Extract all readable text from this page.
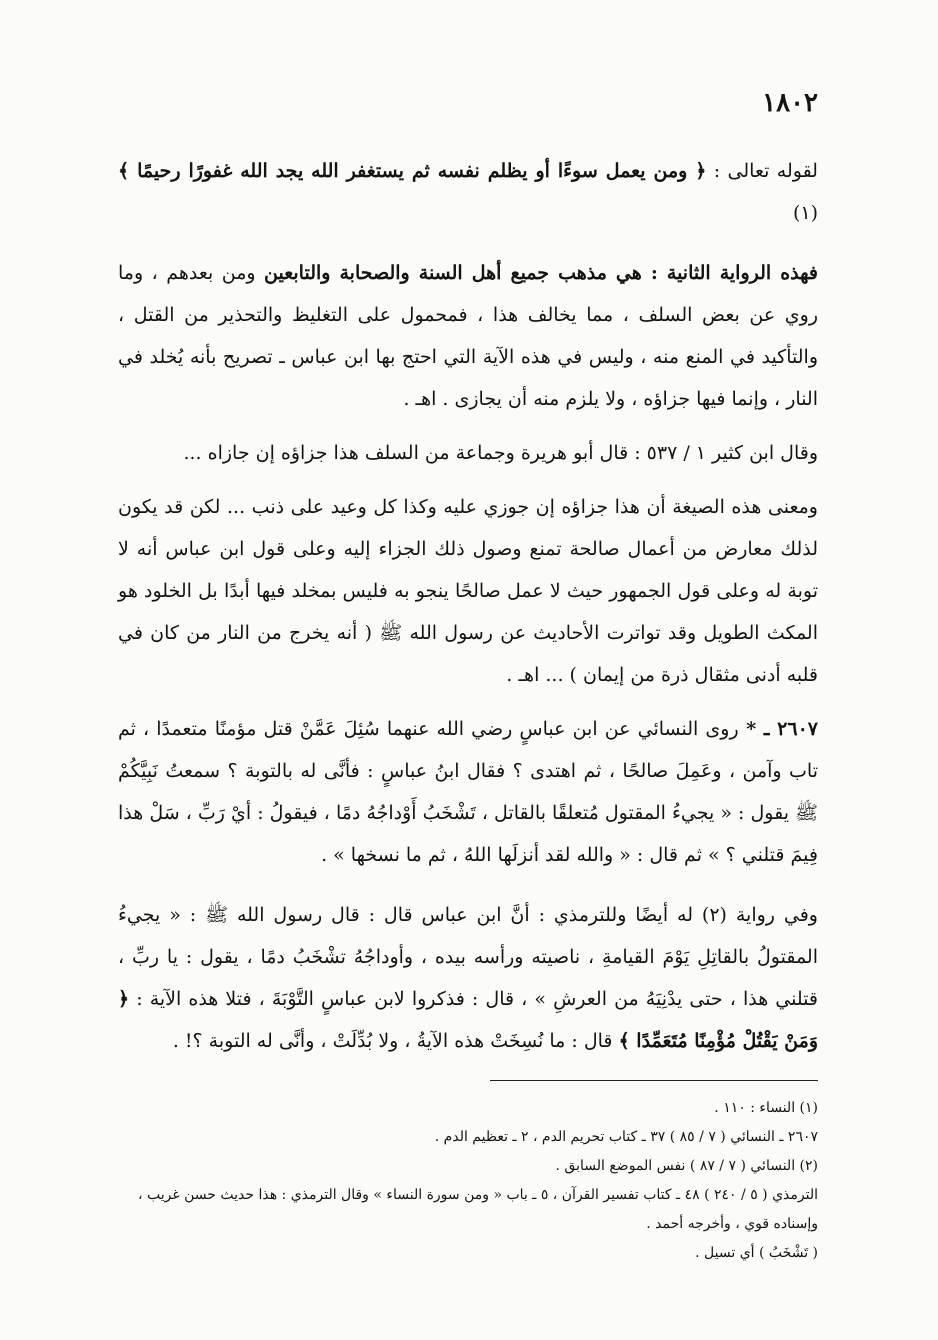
١٨٠٢

لقوله تعالى : ﴿ ومن يعمل سوءًا أو يظلم نفسه ثم يستغفر الله يجد الله غفورًا رحيمًا ﴾ (١)

فهذه الرواية الثانية : هي مذهب جميع أهل السنة والصحابة والتابعين ومن بعدهم ، وما روي عن بعض السلف ، مما يخالف هذا ، فمحمول على التغليظ والتحذير من القتل ، والتأكيد في المنع منه ، وليس في هذه الآية التي احتج بها ابن عباس ـ تصريح بأنه يُخلد في النار ، وإنما فيها جزاؤه ، ولا يلزم منه أن يجازى . اهـ .

وقال ابن كثير ١ / ٥٣٧ : قال أبو هريرة وجماعة من السلف هذا جزاؤه إن جازاه ...

ومعنى هذه الصيغة أن هذا جزاؤه إن جوزي عليه وكذا كل وعيد على ذنب ... لكن قد يكون لذلك معارض من أعمال صالحة تمنع وصول ذلك الجزاء إليه وعلى قول ابن عباس أنه لا توبة له وعلى قول الجمهور حيث لا عمل صالحًا ينجو به فليس بمخلد فيها أبدًا بل الخلود هو المكث الطويل وقد تواترت الأحاديث عن رسول الله ﷺ ( أنه يخرج من النار من كان في قلبه أدنى مثقال ذرة من إيمان ) ... اهـ .

٢٦٠٧ ـ * روى النسائي عن ابن عباسٍ رضي الله عنهما سُئِلَ عَمَّنْ قتل مؤمنًا متعمدًا ، ثم تاب وآمن ، وعَمِلَ صالحًا ، ثم اهتدى ؟ فقال ابنُ عباسٍ : فأنَّى له بالتوبة ؟ سمعتُ نَبِيَّكُمْ ﷺ يقول : « يجيءُ المقتول مُتعلقًا بالقاتل ، تَشْخَبُ أَوْداجُهُ دمًا ، فيقولُ : أيْ رَبِّ ، سَلْ هذا فِيمَ قتلني ؟ » ثم قال : « والله لقد أنزلَها اللهُ ، ثم ما نسخها » .

وفي رواية (٢) له أيضًا وللترمذي : أنَّ ابن عباس قال : قال رسول الله ﷺ : « يجيءُ المقتولُ بالقاتِلِ يَوْمَ القيامةِ ، ناصيته ورأسه بيده ، وأوداجُهُ تشْخَبُ دمًا ، يقول : يا ربِّ ، قتلني هذا ، حتى يدْنِيَهُ من العرشِ » ، قال : فذكروا لابن عباسٍ التَّوْبَةَ ، فتلا هذه الآية : ﴿ وَمَنْ يَقْتُلْ مُؤْمِنًا مُتَعَمِّدًا ﴾ قال : ما نُسِخَتْ هذه الآيةُ ، ولا بُدِّلَتْ ، وأنَّى له التوبة ؟! .

(١) النساء : ١١٠ .
٢٦٠٧ ـ النسائي ( ٧ / ٨٥ ) ٣٧ ـ كتاب تحريم الدم ، ٢ ـ تعظيم الدم .
(٢) النسائي ( ٧ / ٨٧ ) نفس الموضع السابق .
الترمذي ( ٥ / ٢٤٠ ) ٤٨ ـ كتاب تفسير القرآن ، ٥ ـ باب « ومن سورة النساء » وقال الترمذي : هذا حديث حسن غريب ، وإسناده قوي ، وأخرجه أحمد .
( تَشْخَبُ ) أي تسيل .
